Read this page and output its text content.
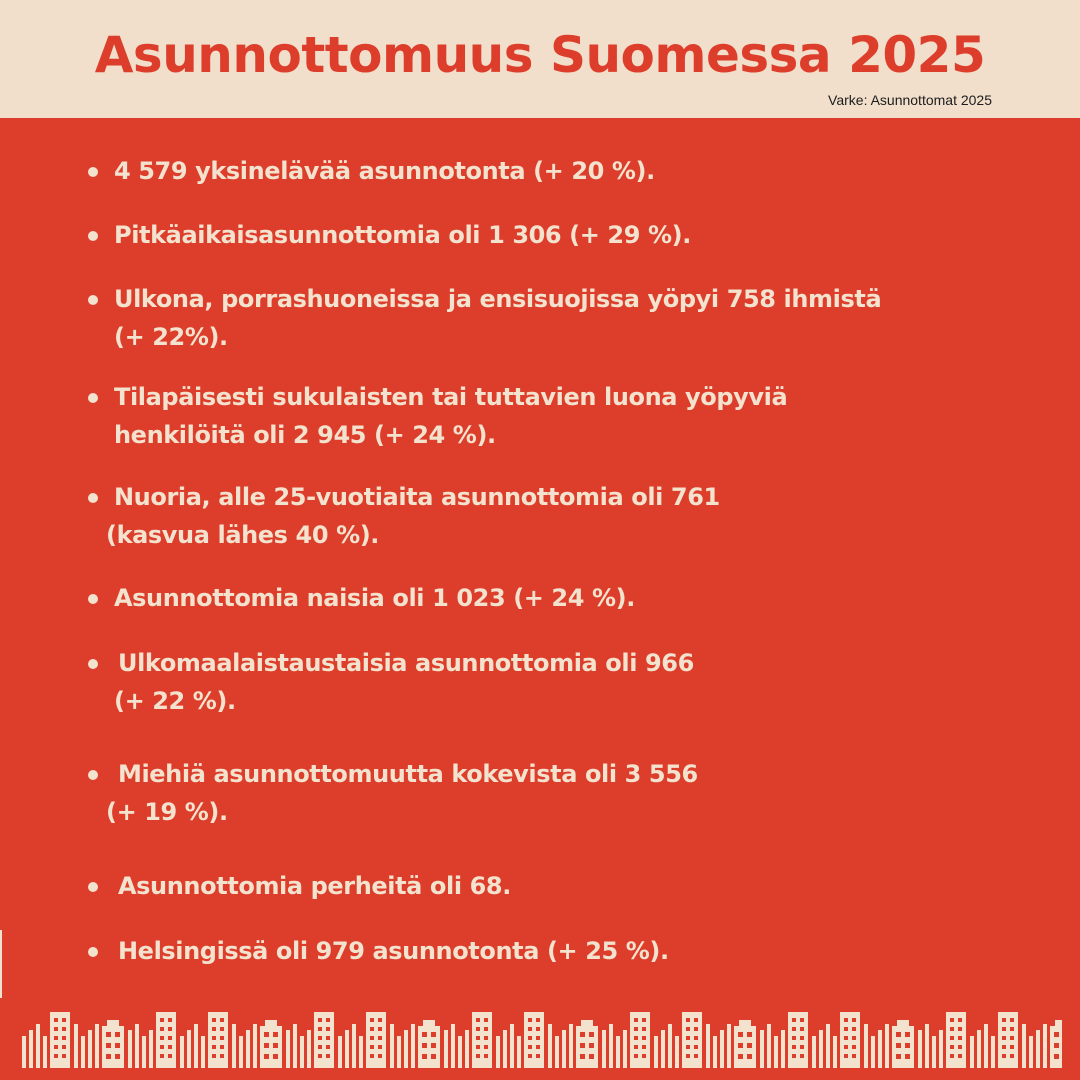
Asunnottomuus Suomessa 2025
Varke: Asunnottomat 2025
4 579 yksinelävää asunnotonta (+ 20 %).
Pitkäaikaisasunnottomia oli 1 306 (+ 29 %).
Ulkona, porrashuoneissa ja ensisuojissa yöpyi 758 ihmistä
(+ 22%).
Tilapäisesti sukulaisten tai tuttavien luona yöpyviä
henkilöitä oli 2 945 (+ 24 %).
Nuoria, alle 25-vuotiaita asunnottomia oli 761
(kasvua lähes 40 %).
Asunnottomia naisia oli 1 023 (+ 24 %).
Ulkomaalaistaustaisia asunnottomia oli 966
(+ 22 %).
Miehiä asunnottomuutta kokevista oli 3 556
(+ 19 %).
Asunnottomia perheitä oli 68.
Helsingissä oli 979 asunnotonta (+ 25 %).
